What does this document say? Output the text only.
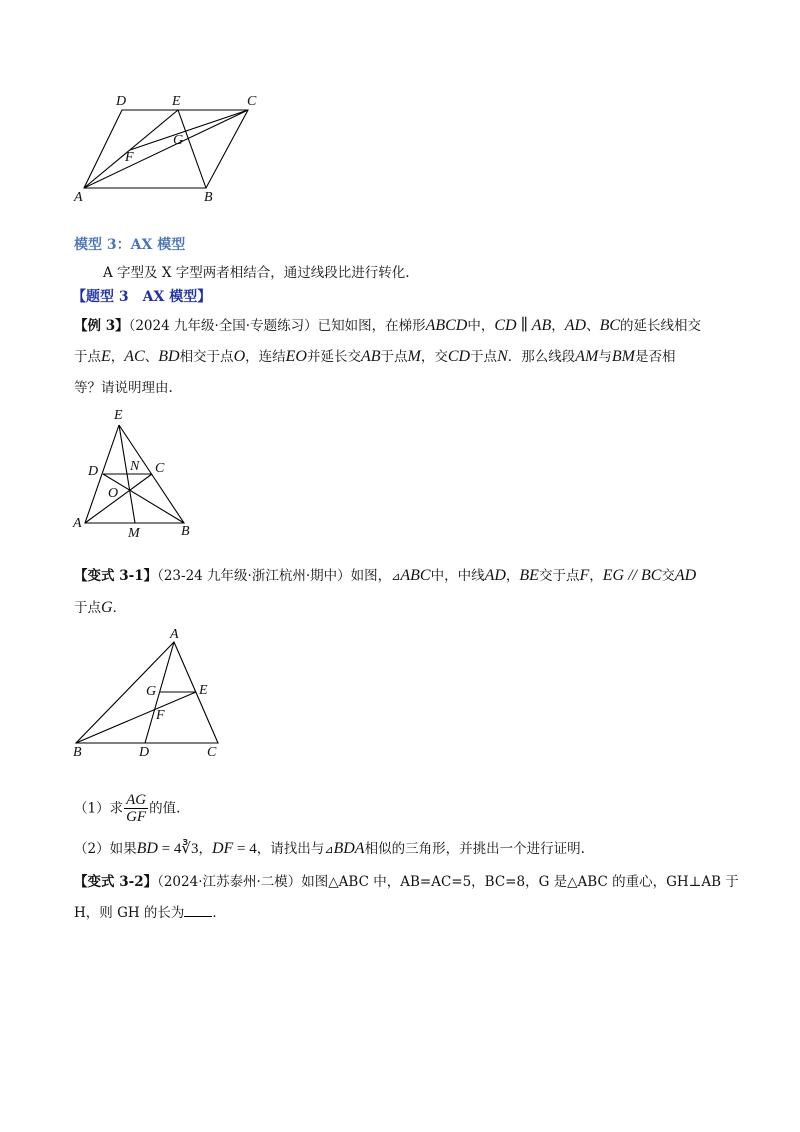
D	E	C
F
G
A	B
模型 3：AX 模型
A 字型及 X 字型两者相结合，通过线段比进行转化.
【题型 3　AX 模型】
【例 3】（2024 九年级·全国·专题练习）已知如图，在梯形ABCD中，CD ∥ AB，AD、BC的延长线相交
于点E，AC、BD相交于点O，连结EO并延长交AB于点M，交CD于点N．那么线段AM与BM是否相
等？请说明理由.
E
D N C
O
A
M	B
【变式 3-1】（23-24 九年级·浙江杭州·期中）如图，⊿ABC中，中线AD，BE交于点F，EG // BC交AD
于点G．
A
G	E
F
B	D	C
（1）求 $\frac{AG}{GF}$ 的值.
（2）如果BD = 4∛3，DF = 4，请找出与⊿BDA相似的三角形，并挑出一个进行证明.
【变式 3-2】（2024·江苏泰州·二模）如图△ABC 中，AB=AC=5，BC=8，G 是△ABC 的重心，GH⊥AB 于
H，则 GH 的长为 ．
